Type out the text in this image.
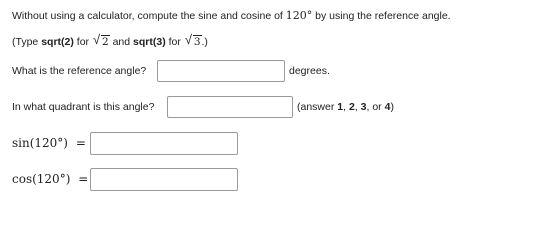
Without using a calculator, compute the sine and cosine of 120° by using the reference angle.
(Type sqrt(2) for √ 2 and sqrt(3) for √ 3.)
What is the reference angle?	degrees.
In what quadrant is this angle?	(answer 1, 2, 3, or 4)
sin(120°) =
cos(120°) =
